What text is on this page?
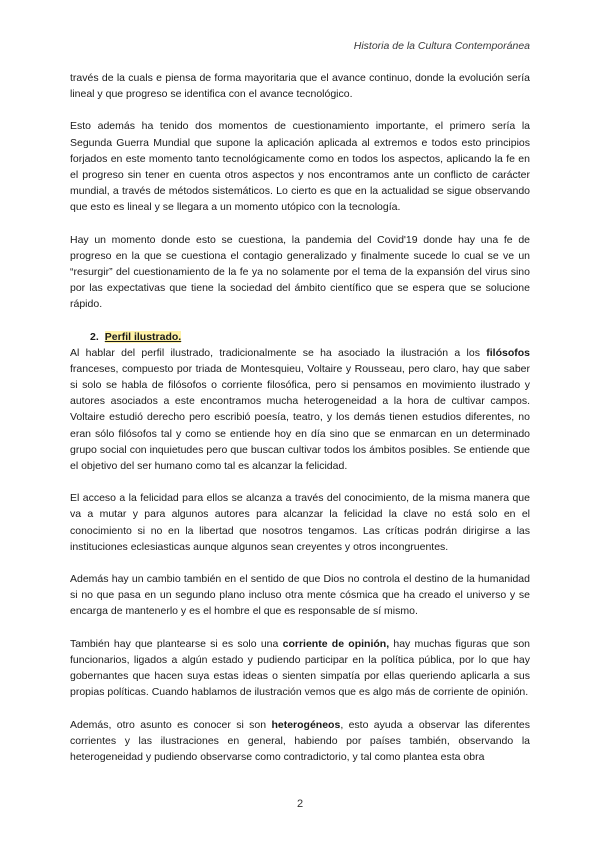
Historia de la Cultura Contemporánea

través de la cuals e piensa de forma mayoritaria que el avance continuo, donde la evolución sería lineal y que progreso se identifica con el avance tecnológico.

Esto además ha tenido dos momentos de cuestionamiento importante, el primero sería la Segunda Guerra Mundial que supone la aplicación aplicada al extremos e todos esto principios forjados en este momento tanto tecnológicamente como en todos los aspectos, aplicando la fe en el progreso sin tener en cuenta otros aspectos y nos encontramos ante un conflicto de carácter mundial, a través de métodos sistemáticos. Lo cierto es que en la actualidad se sigue observando que esto es lineal y se llegara a un momento utópico con la tecnología.

Hay un momento donde esto se cuestiona, la pandemia del Covid'19 donde hay una fe de progreso en la que se cuestiona el contagio generalizado y finalmente sucede lo cual se ve un “resurgir” del cuestionamiento de la fe ya no solamente por el tema de la expansión del virus sino por las expectativas que tiene la sociedad del ámbito científico que se espera que se solucione rápido.

2. Perfil ilustrado.

Al hablar del perfil ilustrado, tradicionalmente se ha asociado la ilustración a los filósofos franceses, compuesto por triada de Montesquieu, Voltaire y Rousseau, pero claro, hay que saber si solo se habla de filósofos o corriente filosófica, pero si pensamos en movimiento ilustrado y autores asociados a este encontramos mucha heterogeneidad a la hora de cultivar campos. Voltaire estudió derecho pero escribió poesía, teatro, y los demás tienen estudios diferentes, no eran sólo filósofos tal y como se entiende hoy en día sino que se enmarcan en un determinado grupo social con inquietudes pero que buscan cultivar todos los ámbitos posibles. Se entiende que el objetivo del ser humano como tal es alcanzar la felicidad.

El acceso a la felicidad para ellos se alcanza a través del conocimiento, de la misma manera que va a mutar y para algunos autores para alcanzar la felicidad la clave no está solo en el conocimiento si no en la libertad que nosotros tengamos. Las críticas podrán dirigirse a las instituciones eclesiasticas aunque algunos sean creyentes y otros incongruentes.

Además hay un cambio también en el sentido de que Dios no controla el destino de la humanidad si no que pasa en un segundo plano incluso otra mente cósmica que ha creado el universo y se encarga de mantenerlo y es el hombre el que es responsable de sí mismo.

También hay que plantearse si es solo una corriente de opinión, hay muchas figuras que son funcionarios, ligados a algún estado y pudiendo participar en la política pública, por lo que hay gobernantes que hacen suya estas ideas o sienten simpatía por ellas queriendo aplicarla a sus propias políticas. Cuando hablamos de ilustración vemos que es algo más de corriente de opinión.

Además, otro asunto es conocer si son heterogéneos, esto ayuda a observar las diferentes corrientes y las ilustraciones en general, habiendo por países también, observando la heterogeneidad y pudiendo observarse como contradictorio, y tal como plantea esta obra

2
